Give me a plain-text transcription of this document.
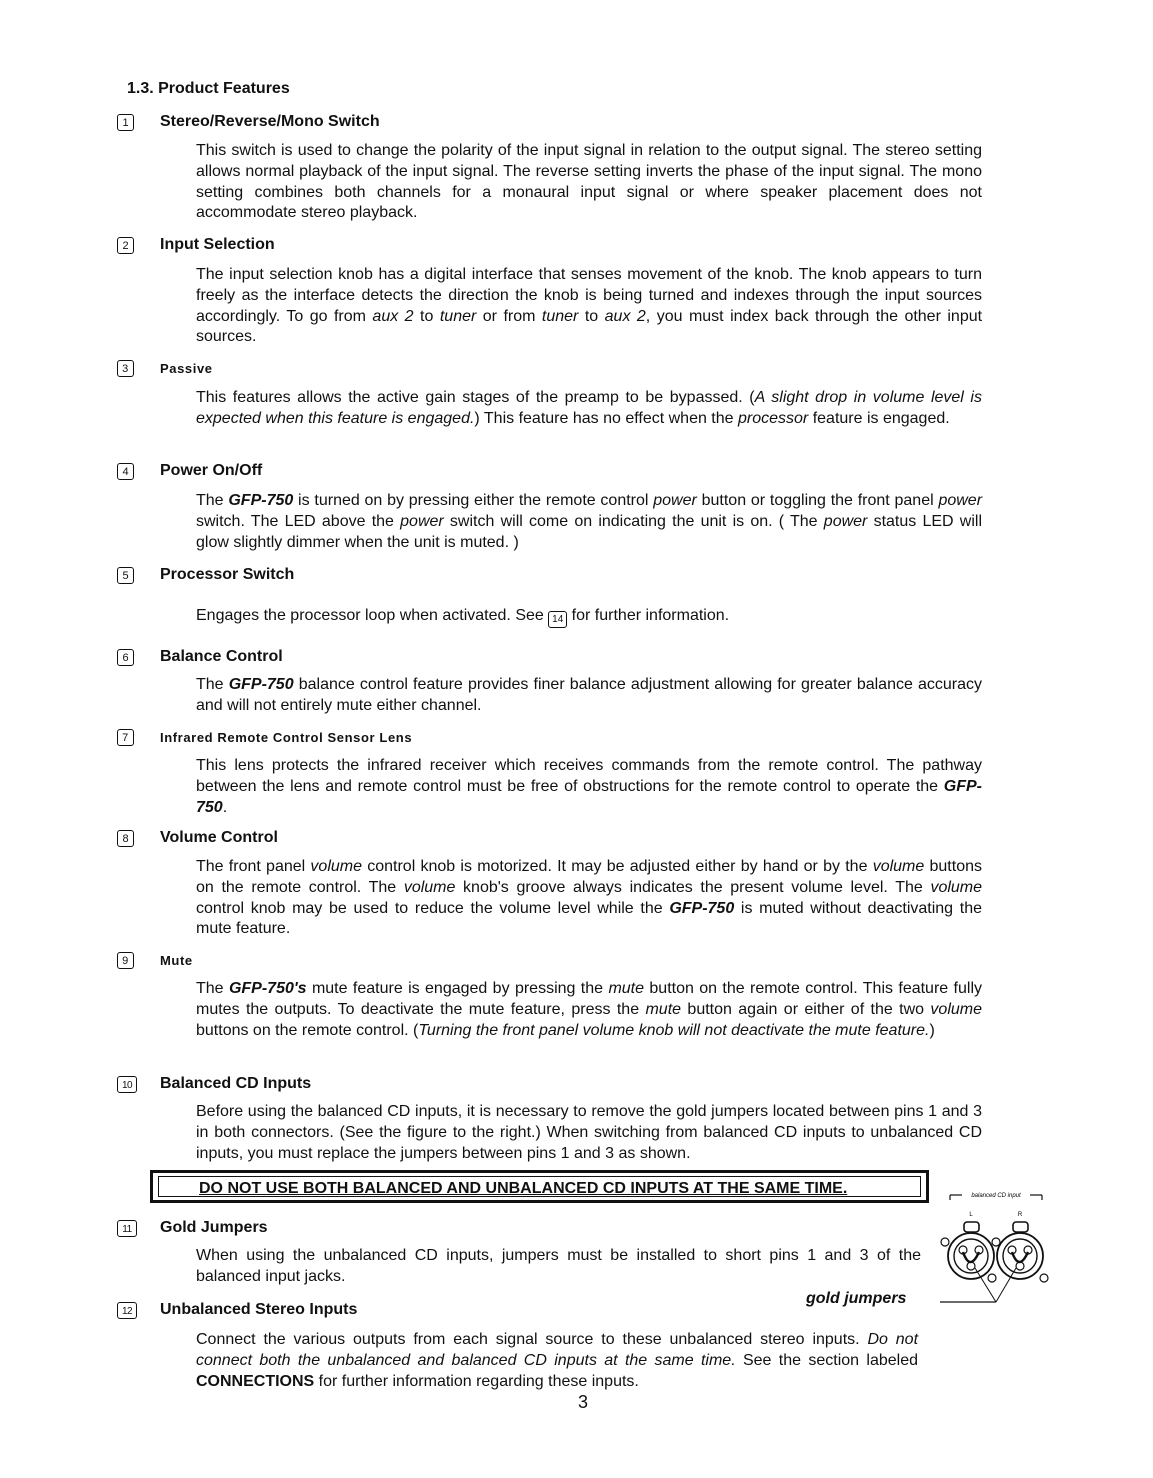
1.3. Product Features
1	Stereo/Reverse/Mono Switch
This switch is used to change the polarity of the input signal in relation to the output signal. The stereo setting allows normal playback of the input signal. The reverse setting inverts the phase of the input signal. The mono setting combines both channels for a monaural input signal or where speaker placement does not accommodate stereo playback.
2	Input Selection
The input selection knob has a digital interface that senses movement of the knob. The knob appears to turn freely as the interface detects the direction the knob is being turned and indexes through the input sources accordingly. To go from aux 2 to tuner or from tuner to aux 2, you must index back through the other input sources.
3	Passive
This features allows the active gain stages of the preamp to be bypassed. (A slight drop in volume level is expected when this feature is engaged.) This feature has no effect when the processor feature is engaged.
4	Power On/Off
The GFP-750 is turned on by pressing either the remote control power button or toggling the front panel power switch. The LED above the power switch will come on indicating the unit is on. ( The power status LED will glow slightly dimmer when the unit is muted. )
5	Processor Switch
Engages the processor loop when activated. See 14 for further information.
6	Balance Control
The GFP-750 balance control feature provides finer balance adjustment allowing for greater balance accuracy and will not entirely mute either channel.
7	Infrared Remote Control Sensor Lens
This lens protects the infrared receiver which receives commands from the remote control. The pathway between the lens and remote control must be free of obstructions for the remote control to operate the GFP-750.
8	Volume Control
The front panel volume control knob is motorized. It may be adjusted either by hand or by the volume buttons on the remote control. The volume knob's groove always indicates the present volume level. The volume control knob may be used to reduce the volume level while the GFP-750 is muted without deactivating the mute feature.
9	Mute
The GFP-750's mute feature is engaged by pressing the mute button on the remote control. This feature fully mutes the outputs. To deactivate the mute feature, press the mute button again or either of the two volume buttons on the remote control. (Turning the front panel volume knob will not deactivate the mute feature.)
10	Balanced CD Inputs
Before using the balanced CD inputs, it is necessary to remove the gold jumpers located between pins 1 and 3 in both connectors. (See the figure to the right.) When switching from balanced CD inputs to unbalanced CD inputs, you must replace the jumpers between pins 1 and 3 as shown.
DO NOT USE BOTH BALANCED AND UNBALANCED CD INPUTS AT THE SAME TIME.
11	Gold Jumpers
When using the unbalanced CD inputs, jumpers must be installed to short pins 1 and 3 of the balanced input jacks.
12	Unbalanced Stereo Inputs
Connect the various outputs from each signal source to these unbalanced stereo inputs. Do not connect both the unbalanced and balanced CD inputs at the same time. See the section labeled CONNECTIONS for further information regarding these inputs.
gold jumpers
balanced CD input
L	R
3
